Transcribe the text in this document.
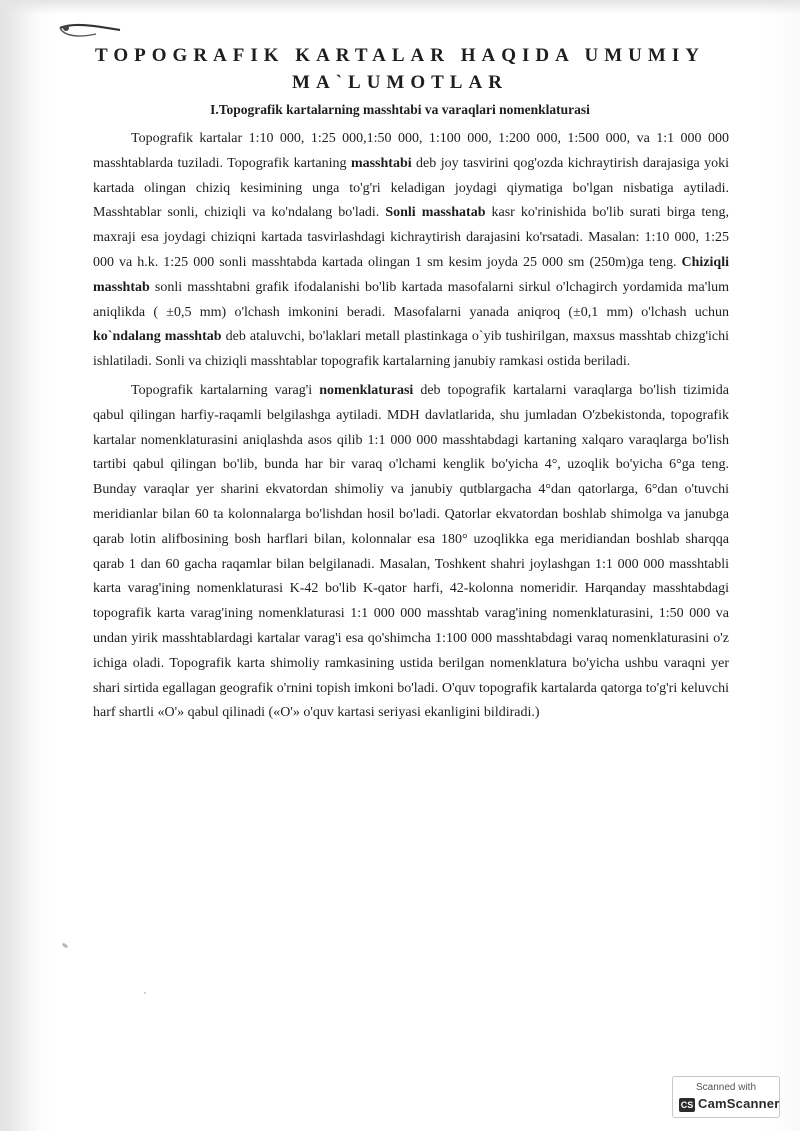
TOPOGRAFIK KARTALAR HAQIDA UMUMIY
MA`LUMOTLAR
I.Topografik kartalarning masshtabi va varaqlari nomenklaturasi

Topografik kartalar 1:10 000, 1:25 000,1:50 000, 1:100 000, 1:200 000, 1:500 000, va 1:1 000 000 masshtablarda tuziladi. Topografik kartaning masshtabi deb joy tasvirini qog'ozda kichraytirish darajasiga yoki kartada olingan chiziq kesimining unga to'g'ri keladigan joydagi qiymatiga bo'lgan nisbatiga aytiladi. Masshtablar sonli, chiziqli va ko'ndalang bo'ladi. Sonli masshatab kasr ko'rinishida bo'lib surati birga teng, maxraji esa joydagi chiziqni kartada tasvirlashdagi kichraytirish darajasini ko'rsatadi. Masalan: 1:10 000, 1:25 000 va h.k. 1:25 000 sonli masshtabda kartada olingan 1 sm kesim joyda 25 000 sm (250m)ga teng. Chiziqli masshtab sonli masshtabni grafik ifodalanishi bo'lib kartada masofalarni sirkul o'lchagirch yordamida ma'lum aniqlikda ( ±0,5 mm) o'lchash imkonini beradi. Masofalarni yanada aniqroq (±0,1 mm) o'lchash uchun ko`ndalang masshtab deb ataluvchi, bo'laklari metall plastinkaga o`yib tushirilgan, maxsus masshtab chizg'ichi ishlatiladi. Sonli va chiziqli masshtablar topografik kartalarning janubiy ramkasi ostida beriladi.

Topografik kartalarning varag'i nomenklaturasi deb topografik kartalarni varaqlarga bo'lish tizimida qabul qilingan harfiy-raqamli belgilashga aytiladi. MDH davlatlarida, shu jumladan O'zbekistonda, topografik kartalar nomenklaturasini aniqlashda asos qilib 1:1 000 000 masshtabdagi kartaning xalqaro varaqlarga bo'lish tartibi qabul qilingan bo'lib, bunda har bir varaq o'lchami kenglik bo'yicha 4°, uzoqlik bo'yicha 6°ga teng. Bunday varaqlar yer sharini ekvatordan shimoliy va janubiy qutblargacha 4°dan qatorlarga, 6°dan o'tuvchi meridianlar bilan 60 ta kolonnalarga bo'lishdan hosil bo'ladi. Qatorlar ekvatordan boshlab shimolga va janubga qarab lotin alifbosining bosh harflari bilan, kolonnalar esa 180° uzoqlikka ega meridiandan boshlab sharqqa qarab 1 dan 60 gacha raqamlar bilan belgilanadi. Masalan, Toshkent shahri joylashgan 1:1 000 000 masshtabli karta varag'ining nomenklaturasi K-42 bo'lib K-qator harfi, 42-kolonna nomeridir. Harqanday masshtabdagi topografik karta varag'ining nomenklaturasi 1:1 000 000 masshtab varag'ining nomenklaturasini, 1:50 000 va undan yirik masshtablardagi kartalar varag'i esa qo'shimcha 1:100 000 masshtabdagi varaq nomenklaturasini o'z ichiga oladi. Topografik karta shimoliy ramkasining ustida berilgan nomenklatura bo'yicha ushbu varaqni yer shari sirtida egallagan geografik o'rnini topish imkoni bo'ladi. O'quv topografik kartalarda qatorga to'g'ri keluvchi harf shartli «O'» qabul qilinadi («O'» o'quv kartasi seriyasi ekanligini bildiradi.)

Scanned with
CS CamScanner
